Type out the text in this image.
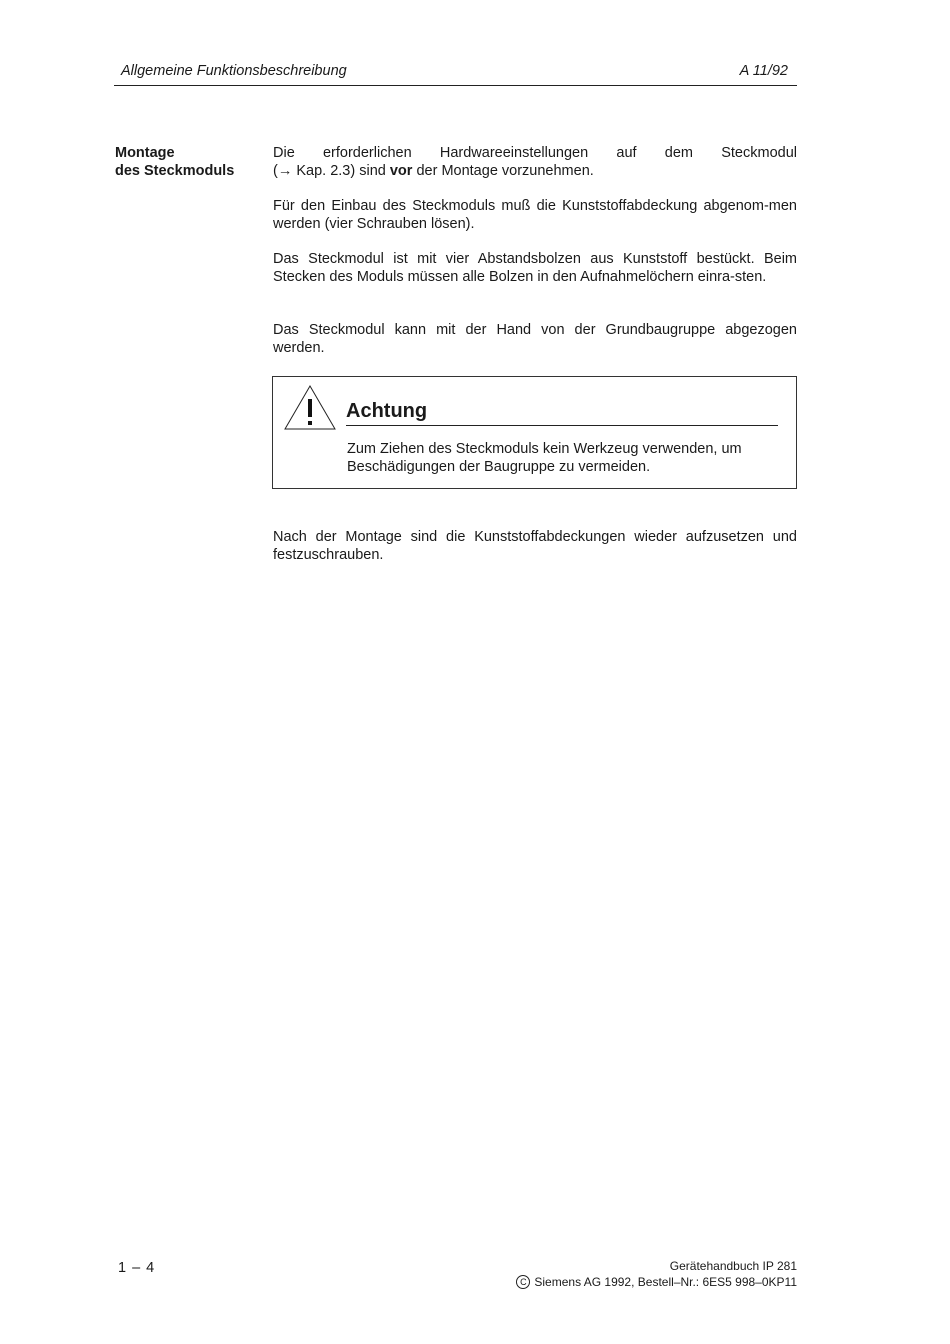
Allgemeine Funktionsbeschreibung	A 11/92
Montage
des Steckmoduls

Die erforderlichen Hardwareeinstellungen auf dem Steckmodul

(→ Kap. 2.3) sind vor der Montage vorzunehmen.

Für den Einbau des Steckmoduls muß die Kunststoffabdeckung abgenom-men werden (vier Schrauben lösen).

Das Steckmodul ist mit vier Abstandsbolzen aus Kunststoff bestückt. Beim Stecken des Moduls müssen alle Bolzen in den Aufnahmelöchern einra-sten.

Das Steckmodul kann mit der Hand von der Grundbaugruppe abgezogen werden.

Achtung
Zum Ziehen des Steckmoduls kein Werkzeug verwenden, um Beschädigungen der Baugruppe zu vermeiden.

Nach der Montage sind die Kunststoffabdeckungen wieder aufzusetzen und festzuschrauben.

1 – 4	Gerätehandbuch IP 281
C Siemens AG 1992, Bestell–Nr.: 6ES5 998–0KP11
